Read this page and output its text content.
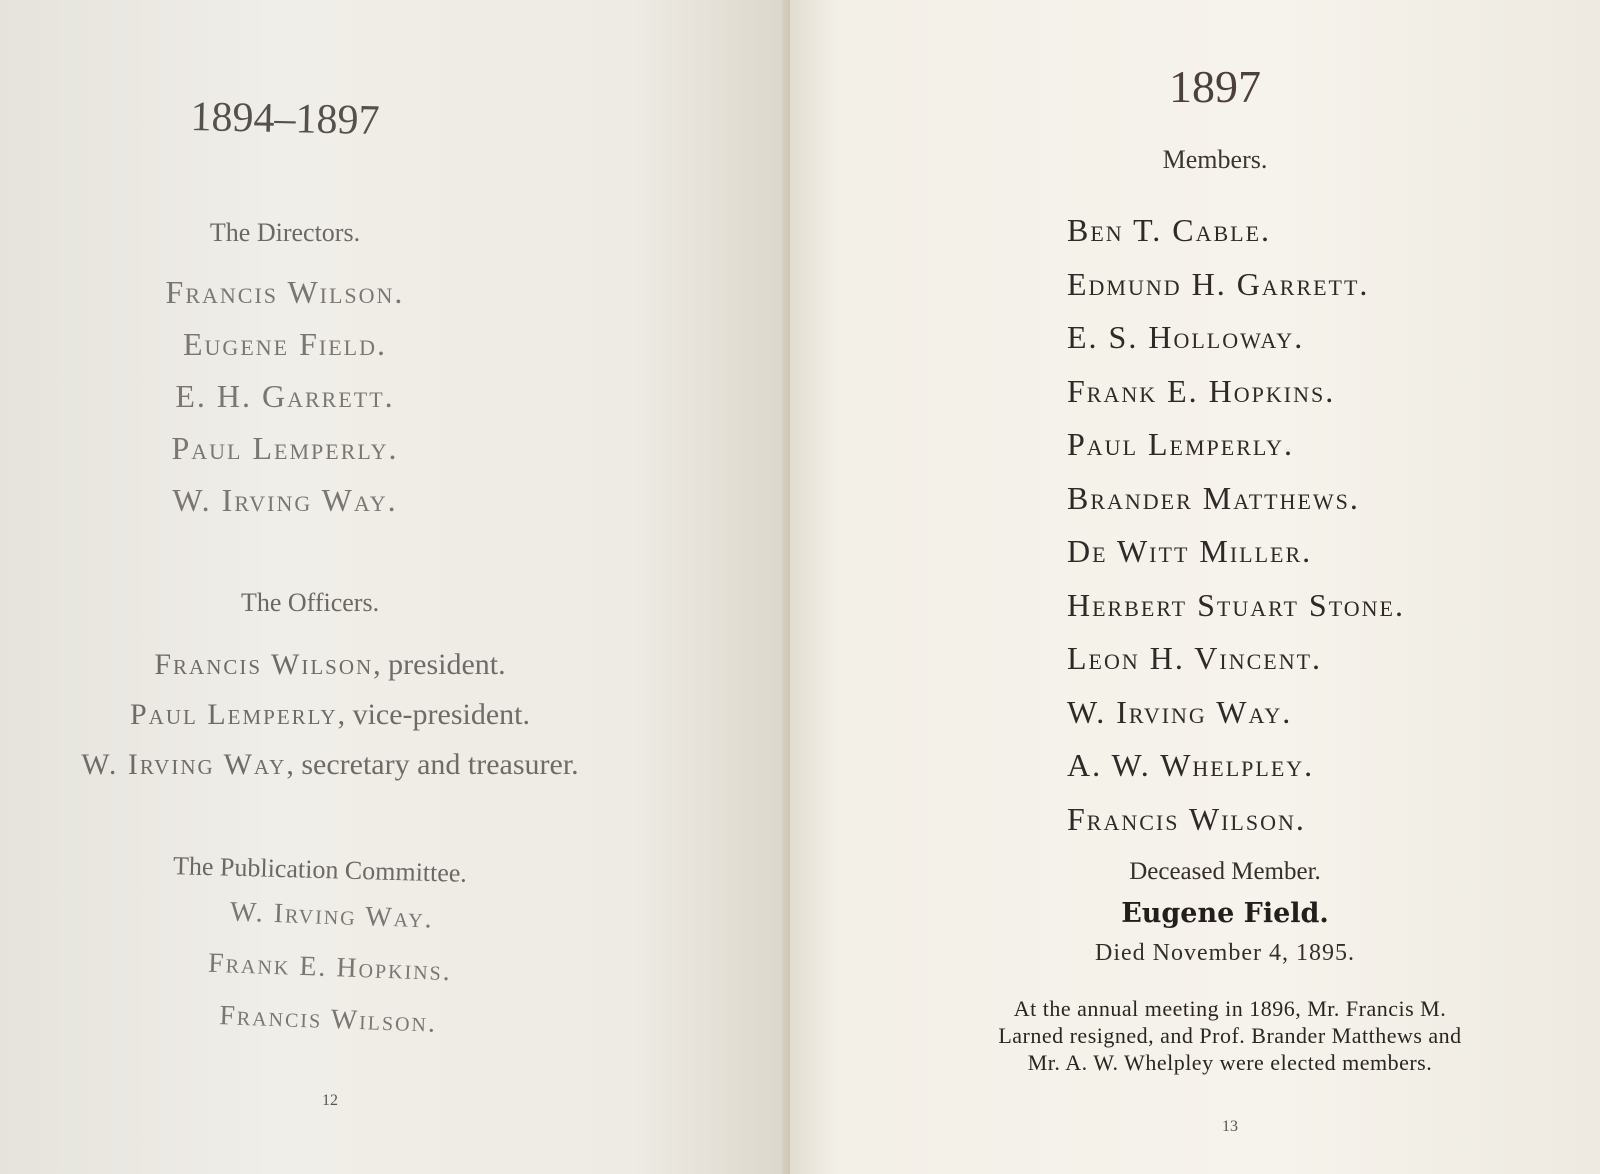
1894–1897
The Directors.
Francis Wilson.
Eugene Field.
E. H. Garrett.
Paul Lemperly.
W. Irving Way.
The Officers.
Francis Wilson, president.
Paul Lemperly, vice-president.
W. Irving Way, secretary and treasurer.
The Publication Committee.
W. Irving Way.
Frank E. Hopkins.
Francis Wilson.
12
1897
Members.
Ben T. Cable.
Edmund H. Garrett.
E. S. Holloway.
Frank E. Hopkins.
Paul Lemperly.
Brander Matthews.
De Witt Miller.
Herbert Stuart Stone.
Leon H. Vincent.
W. Irving Way.
A. W. Whelpley.
Francis Wilson.
Deceased Member.
Eugene Field.
Died November 4, 1895.
At the annual meeting in 1896, Mr. Francis M.
Larned resigned, and Prof. Brander Matthews and
Mr. A. W. Whelpley were elected members.
13
